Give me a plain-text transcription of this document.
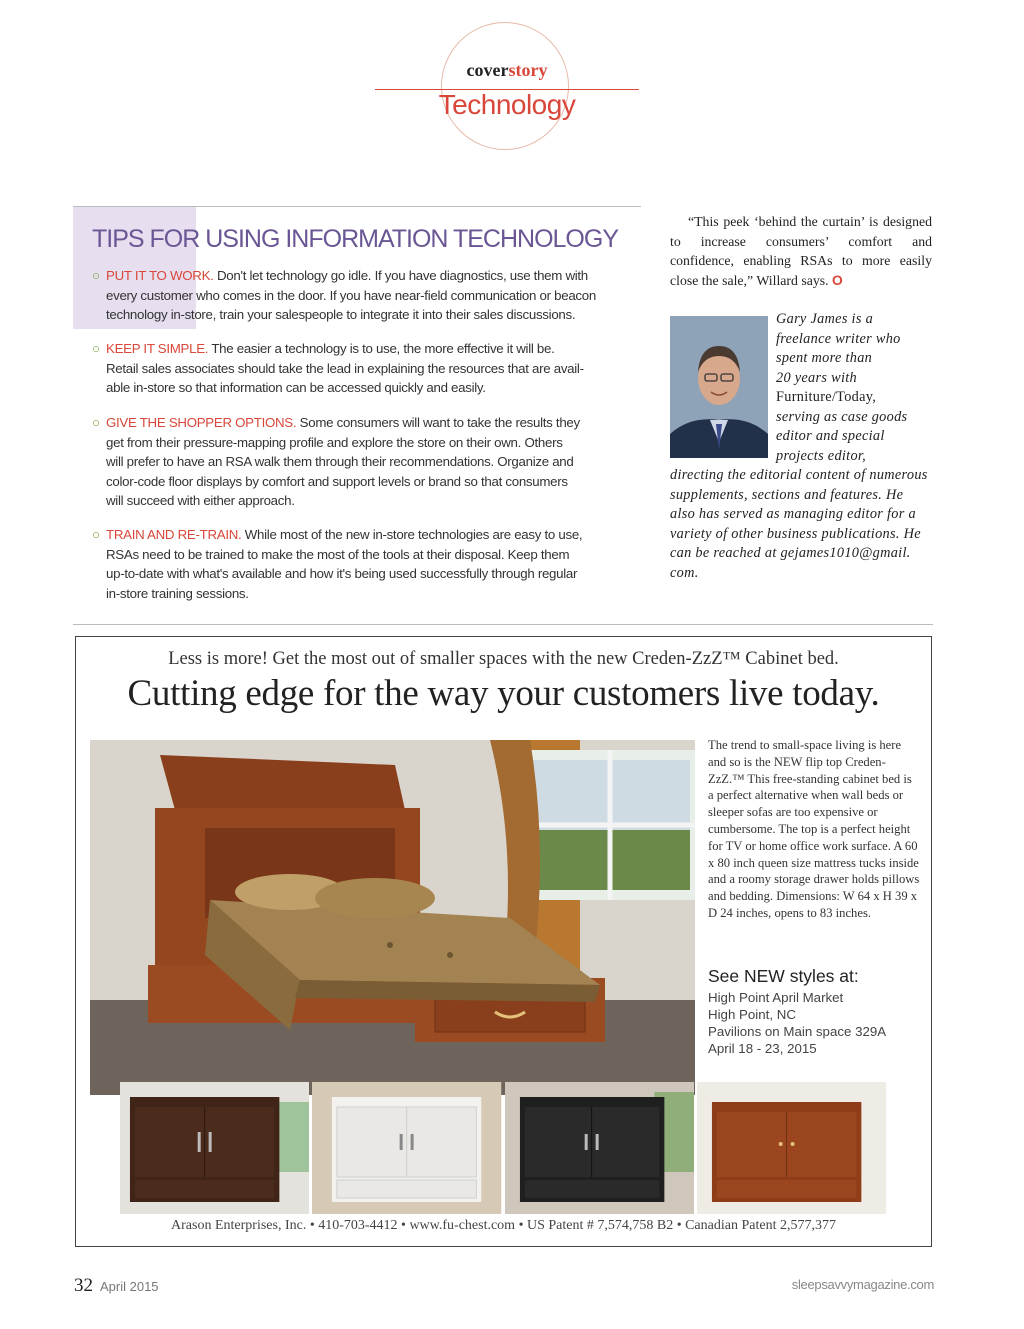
coverstory
Technology
TIPS FOR USING INFORMATION TECHNOLOGY
○ PUT IT TO WORK. Don't let technology go idle. If you have diagnostics, use them with
every customer who comes in the door. If you have near-field communication or beacon
technology in-store, train your salespeople to integrate it into their sales discussions.
○ KEEP IT SIMPLE. The easier a technology is to use, the more effective it will be.
Retail sales associates should take the lead in explaining the resources that are avail-
able in-store so that information can be accessed quickly and easily.
○ GIVE THE SHOPPER OPTIONS. Some consumers will want to take the results they
get from their pressure-mapping profile and explore the store on their own. Others
will prefer to have an RSA walk them through their recommendations. Organize and
color-code floor displays by comfort and support levels or brand so that consumers
will succeed with either approach.
○ TRAIN AND RE-TRAIN. While most of the new in-store technologies are easy to use,
RSAs need to be trained to make the most of the tools at their disposal. Keep them
up-to-date with what's available and how it's being used successfully through regular
in-store training sessions.
“This peek ‘behind the curtain’ is designed to increase consumers’ comfort and confidence, enabling RSAs to more easily close the sale,” Willard says. O
Gary James is a
freelance writer who
spent more than
20 years with
Furniture/Today,
serving as case goods
editor and special
projects editor,
directing the editorial content of numerous supplements, sections and features. He also has served as managing editor for a variety of other business publications. He can be reached at gejames1010@gmail. com.
Less is more! Get the most out of smaller spaces with the new Creden-ZzZ™ Cabinet bed.
Cutting edge for the way your customers live today.
The trend to small-space living is here and so is the NEW flip top Creden-ZzZ.™ This free-standing cabinet bed is a perfect alternative when wall beds or sleeper sofas are too expensive or cumbersome. The top is a perfect height for TV or home office work surface. A 60 x 80 inch queen size mattress tucks inside and a roomy storage drawer holds pillows and bedding. Dimensions: W 64 x H 39 x D 24 inches, opens to 83 inches.
See NEW styles at:
High Point April Market
High Point, NC
Pavilions on Main space 329A
April 18 - 23, 2015
Arason Enterprises, Inc. • 410-703-4412 • www.fu-chest.com • US Patent # 7,574,758 B2 • Canadian Patent 2,577,377
32 April 2015	sleepsavvymagazine.com
